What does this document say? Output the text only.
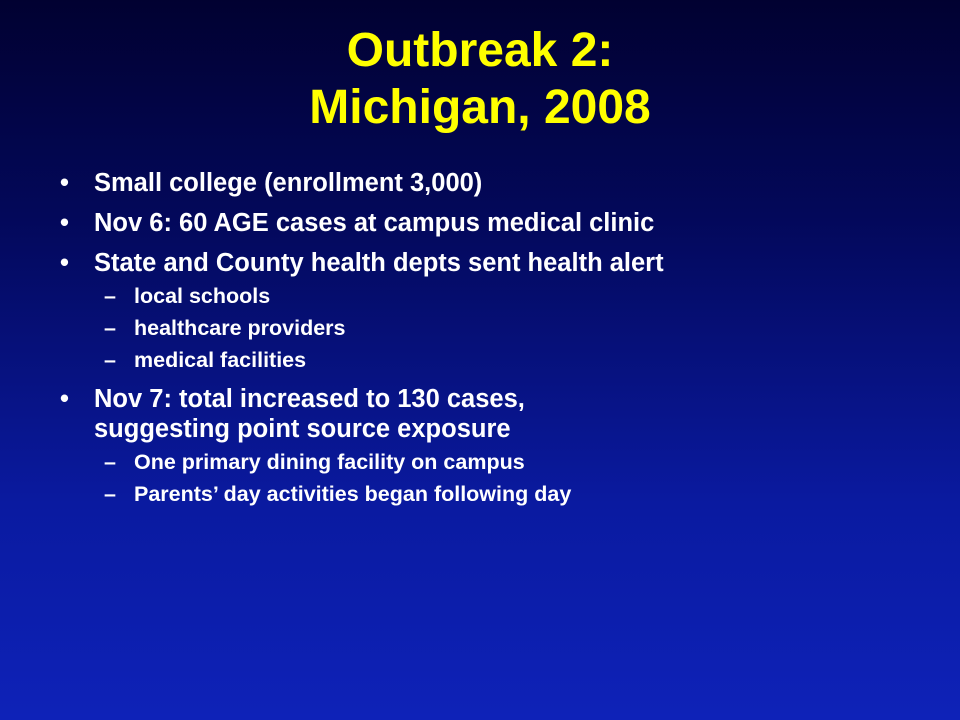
Outbreak 2:
Michigan, 2008
• Small college (enrollment 3,000)
• Nov 6: 60 AGE cases at campus medical clinic
• State and County health depts sent health alert
– local schools
– healthcare providers
– medical facilities
• Nov 7: total increased to 130 cases,
suggesting point source exposure
– One primary dining facility on campus
– Parents’ day activities began following day
